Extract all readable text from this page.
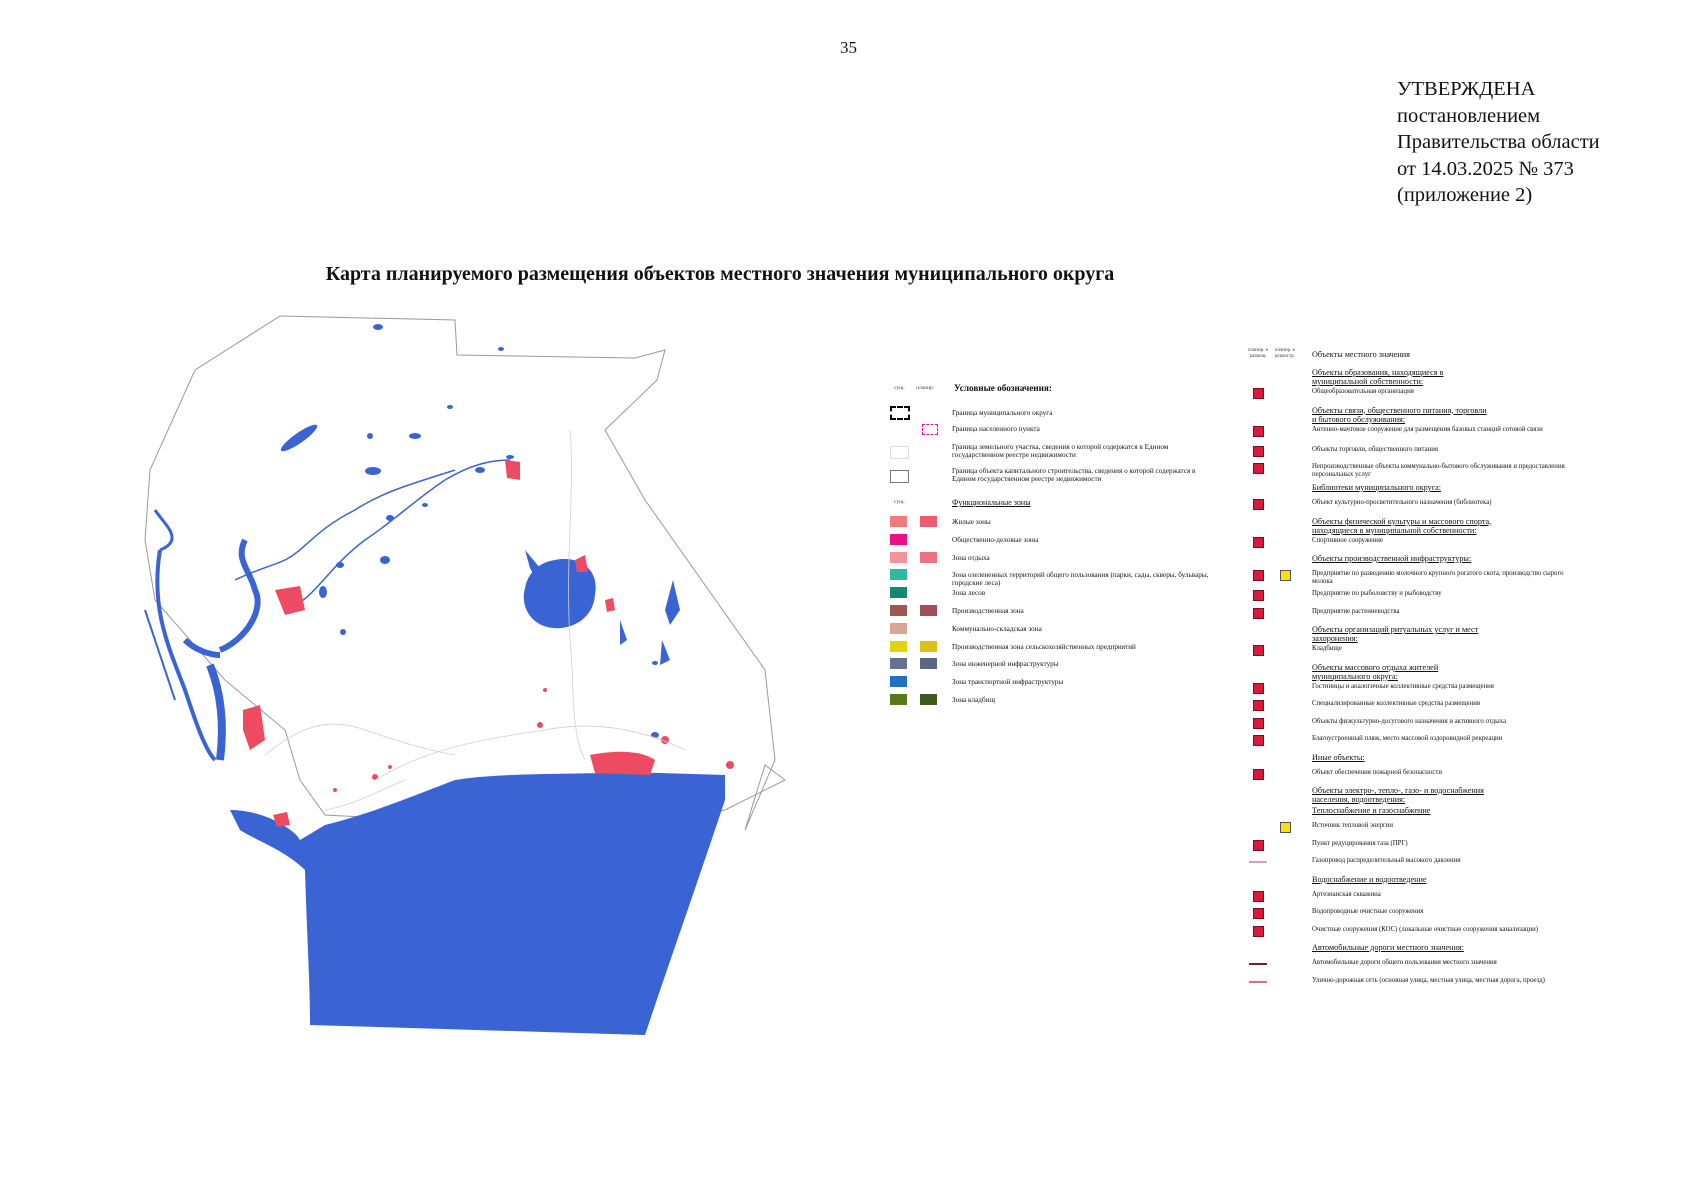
35
УТВЕРЖДЕНА
постановлением
Правительства области
от 14.03.2025 № 373
(приложение 2)
Карта планируемого размещения объектов местного значения муниципального округа
сущ. планир. Условные обозначения:
Граница муниципального округа
Граница населенного пункта
Граница земельного участка, сведения о которой содержатся в Едином государственном реестре недвижимости
Граница объекта капитального строительства, сведения о которой содержатся в Едином государственном реестре недвижимости
сущ.	Функциональные зоны
Жилые зоны
Общественно-деловые зоны
Зона отдыха
Зона озелененных территорий общего пользования (парки, сады, скверы, бульвары, городские леса)
Зона лесов
Производственная зона
Коммунально-складская зона
Производственная зона сельскохозяйственных предприятий
Зона инженерной инфраструктуры
Зона транспортной инфраструктуры
Зона кладбищ
планир. к размещ.
планир. к реконстр.	Объекты местного значения
Объекты образования, находящиеся в муниципальной собственности:
Общеобразовательная организация
Объекты связи, общественного питания, торговли и бытового обслуживания:
Антенно-мачтовое сооружение для размещения базовых станций сотовой связи
Объекты торговли, общественного питания
Непроизводственные объекты коммунально-бытового обслуживания и предоставления персональных услуг
Библиотеки муниципального округа:
Объект культурно-просветительного назначения (библиотека)
Объекты физической культуры и массового спорта, находящиеся в муниципальной собственности:
Спортивное сооружение
Объекты производственной инфраструктуры:
Предприятие по разведению молочного крупного рогатого скота, производство сырого молока
Предприятие по рыболовству и рыбоводству
Предприятие растениеводства
Объекты организаций ритуальных услуг и мест захоронения:
Кладбище
Объекты массового отдыха жителей муниципального округа:
Гостиницы и аналогичные коллективные средства размещения
Специализированные коллективные средства размещения
Объекты физкультурно-досугового назначения и активного отдыха
Благоустроенный пляж, место массовой оздоровидной рекреации
Иные объекты:
Объект обеспечения пожарной безопасности
Объекты электро-, тепло-, газо- и водоснабжения населения, водоотведения:
Теплоснабжение и газоснабжение
Источник тепловой энергии
Пункт редуцирования газа (ПРГ)
Газопровод распределительный высокого давления
Водоснабжение и водоотведение
Артезианская скважина
Водопроводные очистные сооружения
Очистные сооружения (КОС) (локальные очистные сооружения канализации)
Автомобильные дороги местного значения:
Автомобильные дороги общего пользования местного значения
Улично-дорожная сеть (основная улица, местная улица, местная дорога, проезд)
